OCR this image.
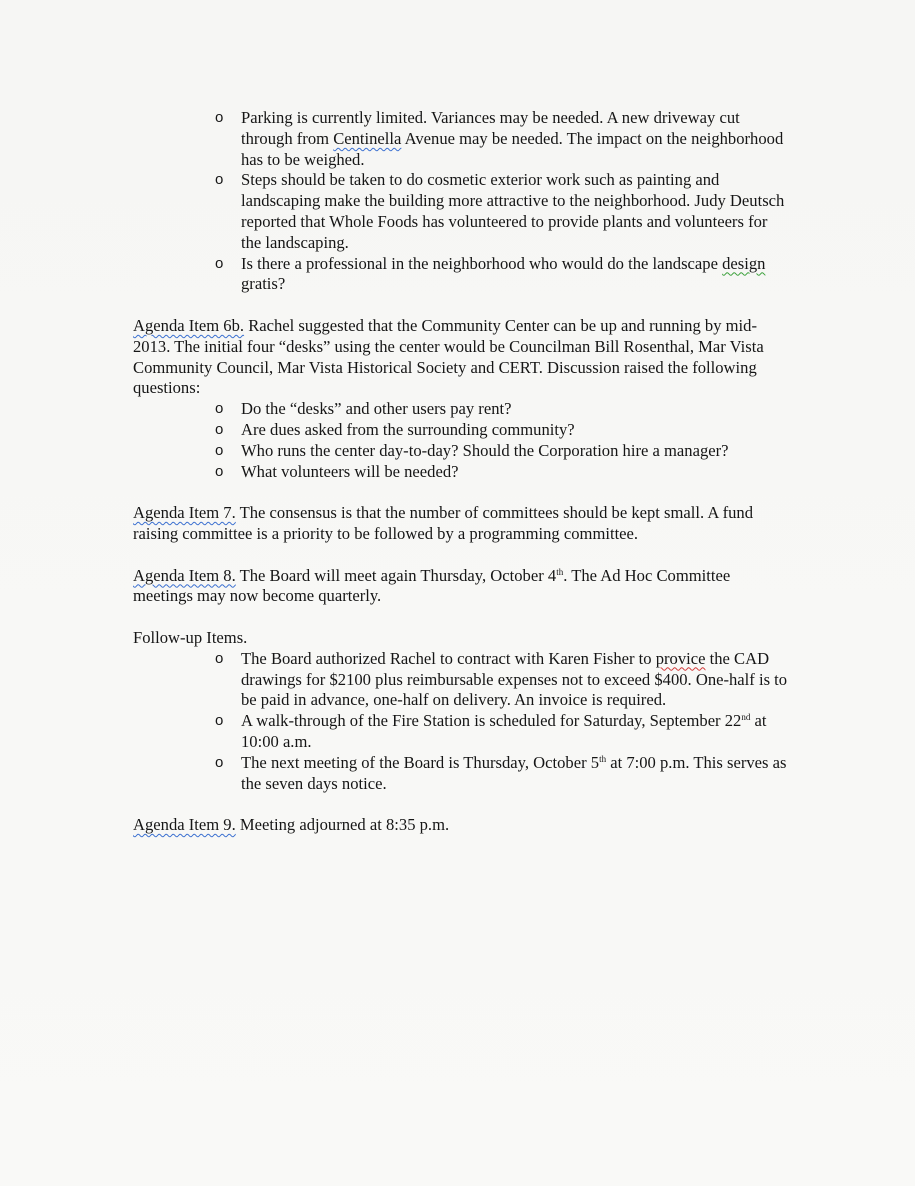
o Parking is currently limited. Variances may be needed. A new driveway cut through from Centinella Avenue may be needed. The impact on the neighborhood has to be weighed.
o Steps should be taken to do cosmetic exterior work such as painting and landscaping make the building more attractive to the neighborhood. Judy Deutsch reported that Whole Foods has volunteered to provide plants and volunteers for the landscaping.
o Is there a professional in the neighborhood who would do the landscape design gratis?

Agenda Item 6b. Rachel suggested that the Community Center can be up and running by mid-2013. The initial four “desks” using the center would be Councilman Bill Rosenthal, Mar Vista Community Council, Mar Vista Historical Society and CERT. Discussion raised the following questions:

o Do the “desks” and other users pay rent?
o Are dues asked from the surrounding community?
o Who runs the center day-to-day? Should the Corporation hire a manager?
o What volunteers will be needed?

Agenda Item 7. The consensus is that the number of committees should be kept small. A fund raising committee is a priority to be followed by a programming committee.

Agenda Item 8. The Board will meet again Thursday, October 4th. The Ad Hoc Committee meetings may now become quarterly.

Follow-up Items.

o The Board authorized Rachel to contract with Karen Fisher to provice the CAD drawings for $2100 plus reimbursable expenses not to exceed $400. One-half is to be paid in advance, one-half on delivery. An invoice is required.
o A walk-through of the Fire Station is scheduled for Saturday, September 22nd at 10:00 a.m.
o The next meeting of the Board is Thursday, October 5th at 7:00 p.m. This serves as the seven days notice.

Agenda Item 9. Meeting adjourned at 8:35 p.m.
